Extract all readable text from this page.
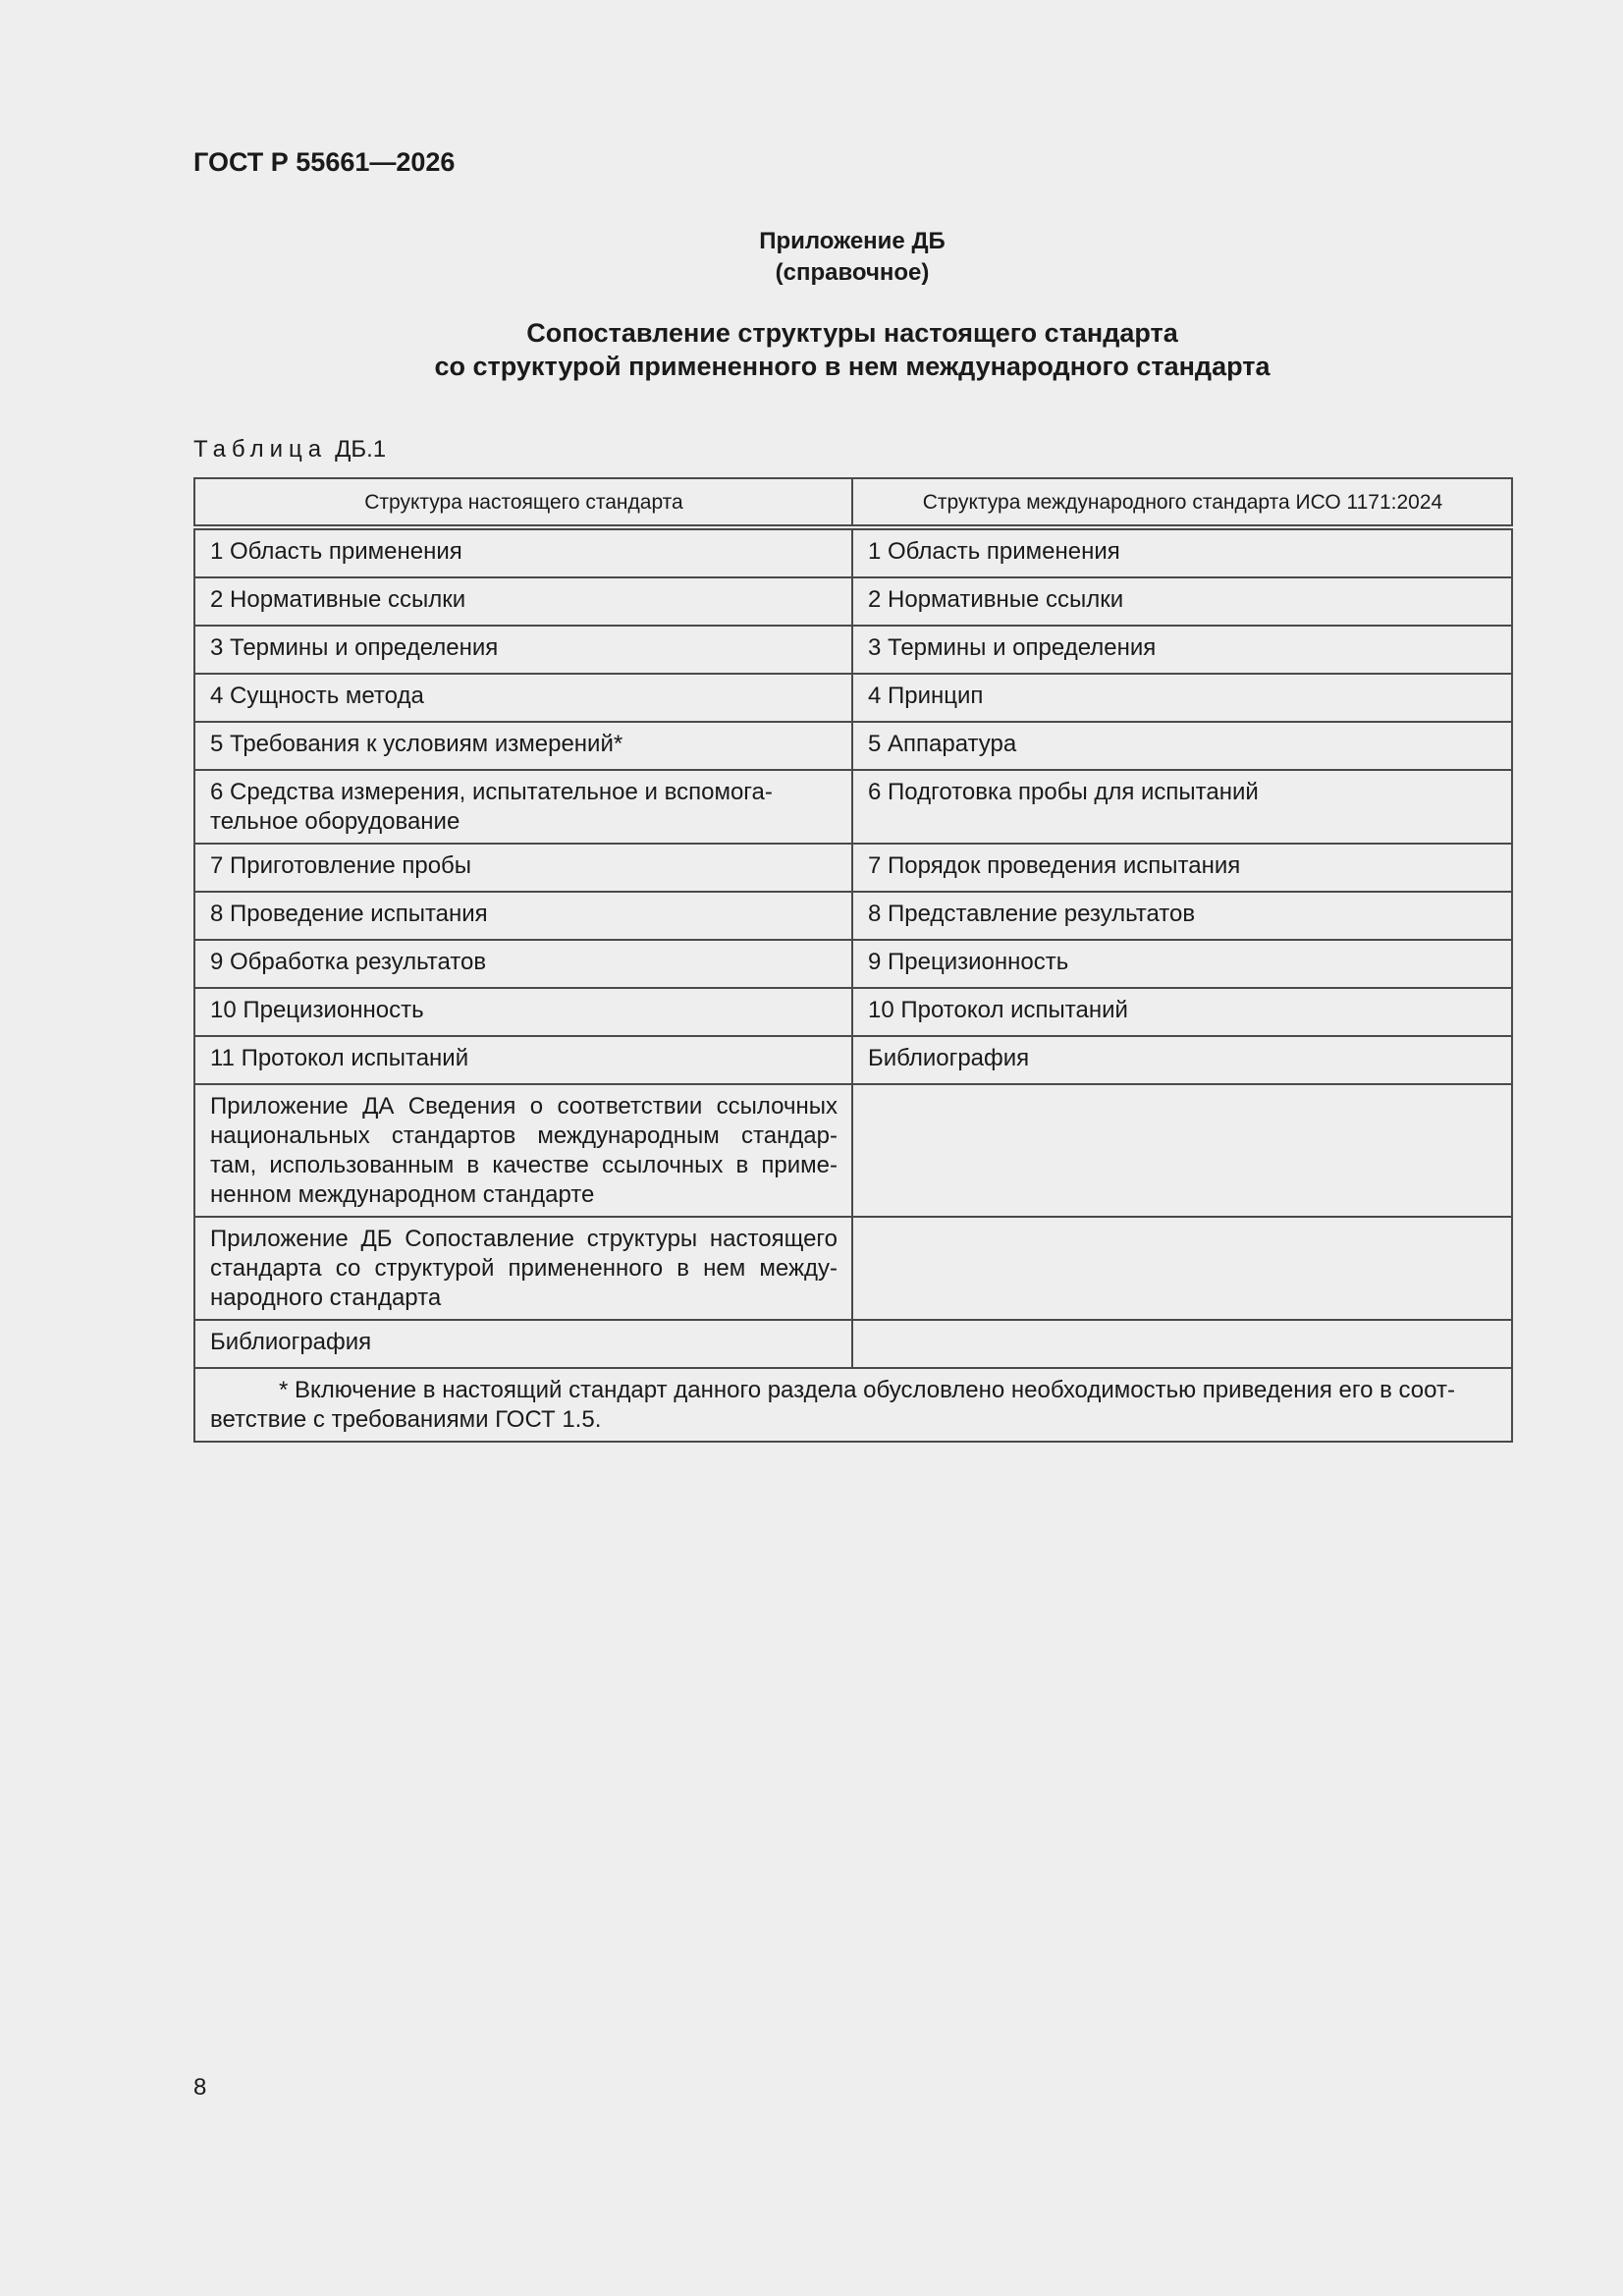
ГОСТ Р 55661—2026
Приложение ДБ
(справочное)
Сопоставление структуры настоящего стандарта
со структурой примененного в нем международного стандарта
Таблица ДБ.1
Структура настоящего стандарта	Структура международного стандарта ИСО 1171:2024
1 Область применения	1 Область применения
2 Нормативные ссылки	2 Нормативные ссылки
3 Термины и определения	3 Термины и определения
4 Сущность метода	4 Принцип
5 Требования к условиям измерений*	5 Аппаратура
6 Средства измерения, испытательное и вспомога-тельное оборудование	6 Подготовка пробы для испытаний
7 Приготовление пробы	7 Порядок проведения испытания
8 Проведение испытания	8 Представление результатов
9 Обработка результатов	9 Прецизионность
10 Прецизионность	10 Протокол испытаний
11 Протокол испытаний	Библиография
Приложение ДА Сведения о соответствии ссылочных национальных стандартов международным стандар-там, использованным в качестве ссылочных в приме-ненном международном стандарте	
Приложение ДБ Сопоставление структуры настоящего стандарта со структурой примененного в нем между-народного стандарта	
Библиография	

* Включение в настоящий стандарт данного раздела обусловлено необходимостью приведения его в соот-
ветствие с требованиями ГОСТ 1.5.	
8
